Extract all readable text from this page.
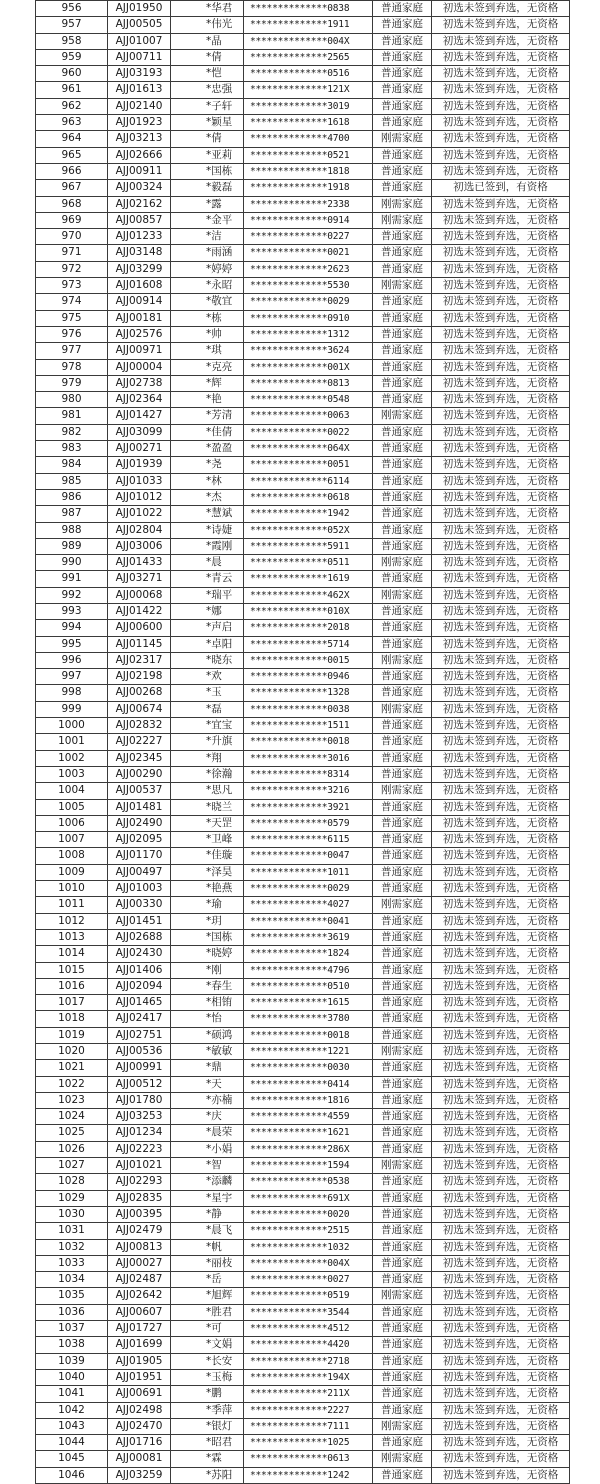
956	AJJ01950	*华君	**************0838	普通家庭	初选未签到弃选，无资格
957	AJJ00505	*伟光	**************1911	普通家庭	初选未签到弃选，无资格
958	AJJ01007	*晶	**************004X	普通家庭	初选未签到弃选，无资格
959	AJJ00711	*倩	**************2565	普通家庭	初选未签到弃选，无资格
960	AJJ03193	*恺	**************0516	普通家庭	初选未签到弃选，无资格
961	AJJ01613	*忠强	**************121X	普通家庭	初选未签到弃选，无资格
962	AJJ02140	*子轩	**************3019	普通家庭	初选未签到弃选，无资格
963	AJJ01923	*颖星	**************1618	普通家庭	初选未签到弃选，无资格
964	AJJ03213	*倩	**************4700	刚需家庭	初选未签到弃选，无资格
965	AJJ02666	*亚莉	**************0521	普通家庭	初选未签到弃选，无资格
966	AJJ00911	*国栋	**************1818	普通家庭	初选未签到弃选，无资格
967	AJJ00324	*毅磊	**************1918	普通家庭	初选已签到，有资格
968	AJJ02162	*露	**************2338	刚需家庭	初选未签到弃选，无资格
969	AJJ00857	*金平	**************0914	刚需家庭	初选未签到弃选，无资格
970	AJJ01233	*洁	**************0227	普通家庭	初选未签到弃选，无资格
971	AJJ03148	*雨涵	**************0021	普通家庭	初选未签到弃选，无资格
972	AJJ03299	*婷婷	**************2623	普通家庭	初选未签到弃选，无资格
973	AJJ01608	*永昭	**************5530	刚需家庭	初选未签到弃选，无资格
974	AJJ00914	*敬宜	**************0029	普通家庭	初选未签到弃选，无资格
975	AJJ00181	*栋	**************0910	普通家庭	初选未签到弃选，无资格
976	AJJ02576	*帅	**************1312	普通家庭	初选未签到弃选，无资格
977	AJJ00971	*琪	**************3624	普通家庭	初选未签到弃选，无资格
978	AJJ00004	*克亮	**************001X	普通家庭	初选未签到弃选，无资格
979	AJJ02738	*辉	**************0813	普通家庭	初选未签到弃选，无资格
980	AJJ02364	*艳	**************0548	普通家庭	初选未签到弃选，无资格
981	AJJ01427	*芳清	**************0063	刚需家庭	初选未签到弃选，无资格
982	AJJ03099	*佳倩	**************0022	普通家庭	初选未签到弃选，无资格
983	AJJ00271	*盈盈	**************064X	普通家庭	初选未签到弃选，无资格
984	AJJ01939	*尧	**************0051	普通家庭	初选未签到弃选，无资格
985	AJJ01033	*林	**************6114	普通家庭	初选未签到弃选，无资格
986	AJJ01012	*杰	**************0618	普通家庭	初选未签到弃选，无资格
987	AJJ01022	*慧斌	**************1942	普通家庭	初选未签到弃选，无资格
988	AJJ02804	*诗婕	**************052X	普通家庭	初选未签到弃选，无资格
989	AJJ03006	*霞刚	**************5911	普通家庭	初选未签到弃选，无资格
990	AJJ01433	*晨	**************0511	刚需家庭	初选未签到弃选，无资格
991	AJJ03271	*青云	**************1619	普通家庭	初选未签到弃选，无资格
992	AJJ00068	*瑞平	**************462X	刚需家庭	初选未签到弃选，无资格
993	AJJ01422	*娜	**************010X	普通家庭	初选未签到弃选，无资格
994	AJJ00600	*声启	**************2018	普通家庭	初选未签到弃选，无资格
995	AJJ01145	*卓阳	**************5714	普通家庭	初选未签到弃选，无资格
996	AJJ02317	*晓东	**************0015	刚需家庭	初选未签到弃选，无资格
997	AJJ02198	*欢	**************0946	普通家庭	初选未签到弃选，无资格
998	AJJ00268	*玉	**************1328	普通家庭	初选未签到弃选，无资格
999	AJJ00674	*磊	**************0038	刚需家庭	初选未签到弃选，无资格
1000	AJJ02832	*宜宝	**************1511	普通家庭	初选未签到弃选，无资格
1001	AJJ02227	*升旗	**************0018	普通家庭	初选未签到弃选，无资格
1002	AJJ02345	*翔	**************3016	普通家庭	初选未签到弃选，无资格
1003	AJJ00290	*徐瀚	**************8314	普通家庭	初选未签到弃选，无资格
1004	AJJ00537	*思凡	**************3216	刚需家庭	初选未签到弃选，无资格
1005	AJJ01481	*晓兰	**************3921	普通家庭	初选未签到弃选，无资格
1006	AJJ02490	*天罡	**************0579	普通家庭	初选未签到弃选，无资格
1007	AJJ02095	*卫峰	**************6115	普通家庭	初选未签到弃选，无资格
1008	AJJ01170	*佳璇	**************0047	普通家庭	初选未签到弃选，无资格
1009	AJJ00497	*泽昊	**************1011	普通家庭	初选未签到弃选，无资格
1010	AJJ01003	*艳燕	**************0029	普通家庭	初选未签到弃选，无资格
1011	AJJ00330	*瑜	**************4027	刚需家庭	初选未签到弃选，无资格
1012	AJJ01451	*玥	**************0041	普通家庭	初选未签到弃选，无资格
1013	AJJ02688	*国栋	**************3619	普通家庭	初选未签到弃选，无资格
1014	AJJ02430	*晓婷	**************1824	普通家庭	初选未签到弃选，无资格
1015	AJJ01406	*刚	**************4796	普通家庭	初选未签到弃选，无资格
1016	AJJ02094	*春生	**************0510	普通家庭	初选未签到弃选，无资格
1017	AJJ01465	*相铕	**************1615	普通家庭	初选未签到弃选，无资格
1018	AJJ02417	*怡	**************3780	普通家庭	初选未签到弃选，无资格
1019	AJJ02751	*硕鸿	**************0018	普通家庭	初选未签到弃选，无资格
1020	AJJ00536	*敏敏	**************1221	刚需家庭	初选未签到弃选，无资格
1021	AJJ00991	*鼎	**************0030	普通家庭	初选未签到弃选，无资格
1022	AJJ00512	*天	**************0414	普通家庭	初选未签到弃选，无资格
1023	AJJ01780	*亦楠	**************1816	普通家庭	初选未签到弃选，无资格
1024	AJJ03253	*庆	**************4559	普通家庭	初选未签到弃选，无资格
1025	AJJ01234	*晨荣	**************1621	普通家庭	初选未签到弃选，无资格
1026	AJJ02223	*小娟	**************286X	普通家庭	初选未签到弃选，无资格
1027	AJJ01021	*智	**************1594	刚需家庭	初选未签到弃选，无资格
1028	AJJ02293	*添麟	**************0538	普通家庭	初选未签到弃选，无资格
1029	AJJ02835	*星宇	**************691X	普通家庭	初选未签到弃选，无资格
1030	AJJ00395	*静	**************0020	普通家庭	初选未签到弃选，无资格
1031	AJJ02479	*晨飞	**************2515	普通家庭	初选未签到弃选，无资格
1032	AJJ00813	*帆	**************1032	普通家庭	初选未签到弃选，无资格
1033	AJJ00027	*丽枝	**************004X	普通家庭	初选未签到弃选，无资格
1034	AJJ02487	*岳	**************0027	普通家庭	初选未签到弃选，无资格
1035	AJJ02642	*旭辉	**************0519	刚需家庭	初选未签到弃选，无资格
1036	AJJ00607	*胜君	**************3544	普通家庭	初选未签到弃选，无资格
1037	AJJ01727	*可	**************4512	普通家庭	初选未签到弃选，无资格
1038	AJJ01699	*文娟	**************4420	普通家庭	初选未签到弃选，无资格
1039	AJJ01905	*长安	**************2718	普通家庭	初选未签到弃选，无资格
1040	AJJ01951	*玉梅	**************194X	普通家庭	初选未签到弃选，无资格
1041	AJJ00691	*鹏	**************211X	普通家庭	初选未签到弃选，无资格
1042	AJJ02498	*季萍	**************2227	普通家庭	初选未签到弃选，无资格
1043	AJJ02470	*银灯	**************7111	刚需家庭	初选未签到弃选，无资格
1044	AJJ01716	*昭君	**************1025	普通家庭	初选未签到弃选，无资格
1045	AJJ00081	*霖	**************0613	刚需家庭	初选未签到弃选，无资格
1046	AJJ03259	*苏阳	**************1242	普通家庭	初选未签到弃选，无资格
